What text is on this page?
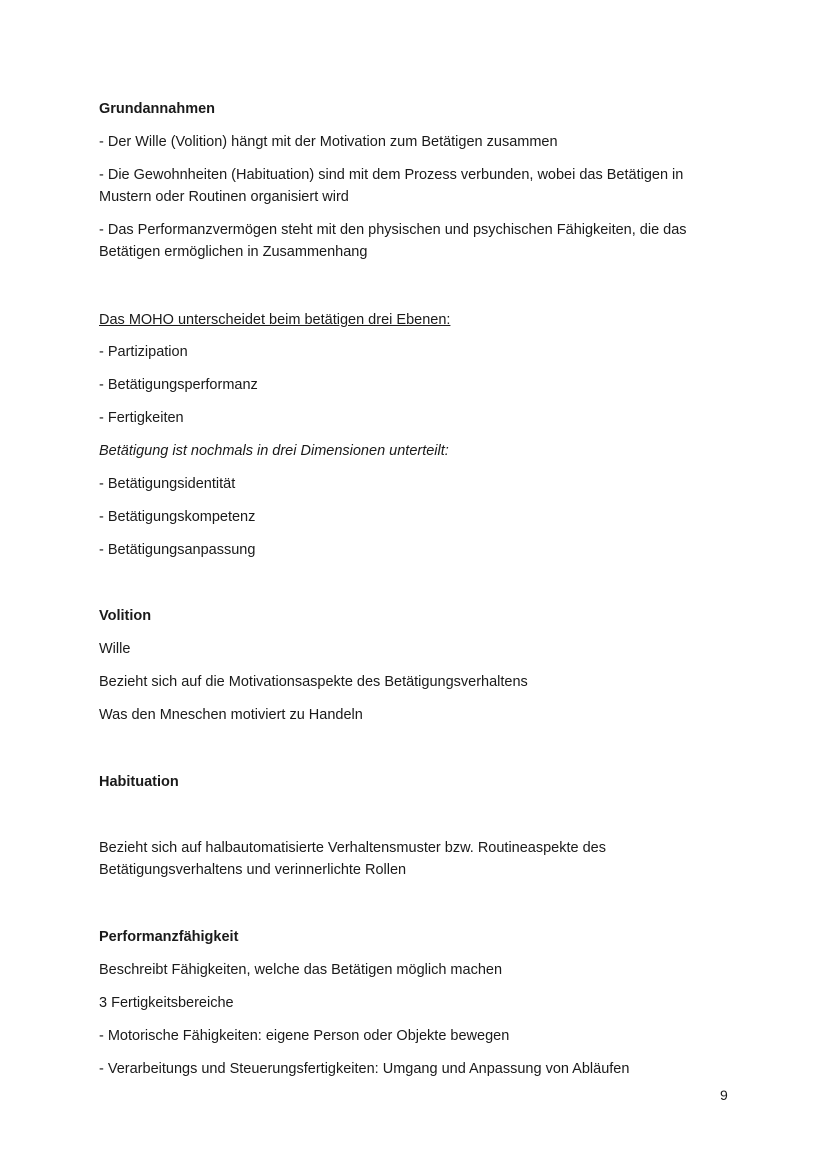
Grundannahmen
- Der Wille (Volition) hängt mit der Motivation zum Betätigen zusammen
- Die Gewohnheiten (Habituation) sind mit dem Prozess verbunden, wobei das Betätigen in Mustern oder Routinen organisiert wird
- Das Performanzvermögen steht mit den physischen und psychischen Fähigkeiten, die das Betätigen ermöglichen in Zusammenhang
Das MOHO unterscheidet beim betätigen drei Ebenen:
- Partizipation
- Betätigungsperformanz
- Fertigkeiten
Betätigung ist nochmals in drei Dimensionen unterteilt:
- Betätigungsidentität
- Betätigungskompetenz
- Betätigungsanpassung
Volition
Wille
Bezieht sich auf die Motivationsaspekte des Betätigungsverhaltens
Was den Mneschen motiviert zu Handeln
Habituation
Bezieht sich auf halbautomatisierte Verhaltensmuster bzw. Routineaspekte des Betätigungsverhaltens und verinnerlichte Rollen
Performanzfähigkeit
Beschreibt Fähigkeiten, welche das Betätigen möglich machen
3 Fertigkeitsbereiche
- Motorische Fähigkeiten: eigene Person oder Objekte bewegen
- Verarbeitungs und Steuerungsfertigkeiten: Umgang und Anpassung von Abläufen
9
